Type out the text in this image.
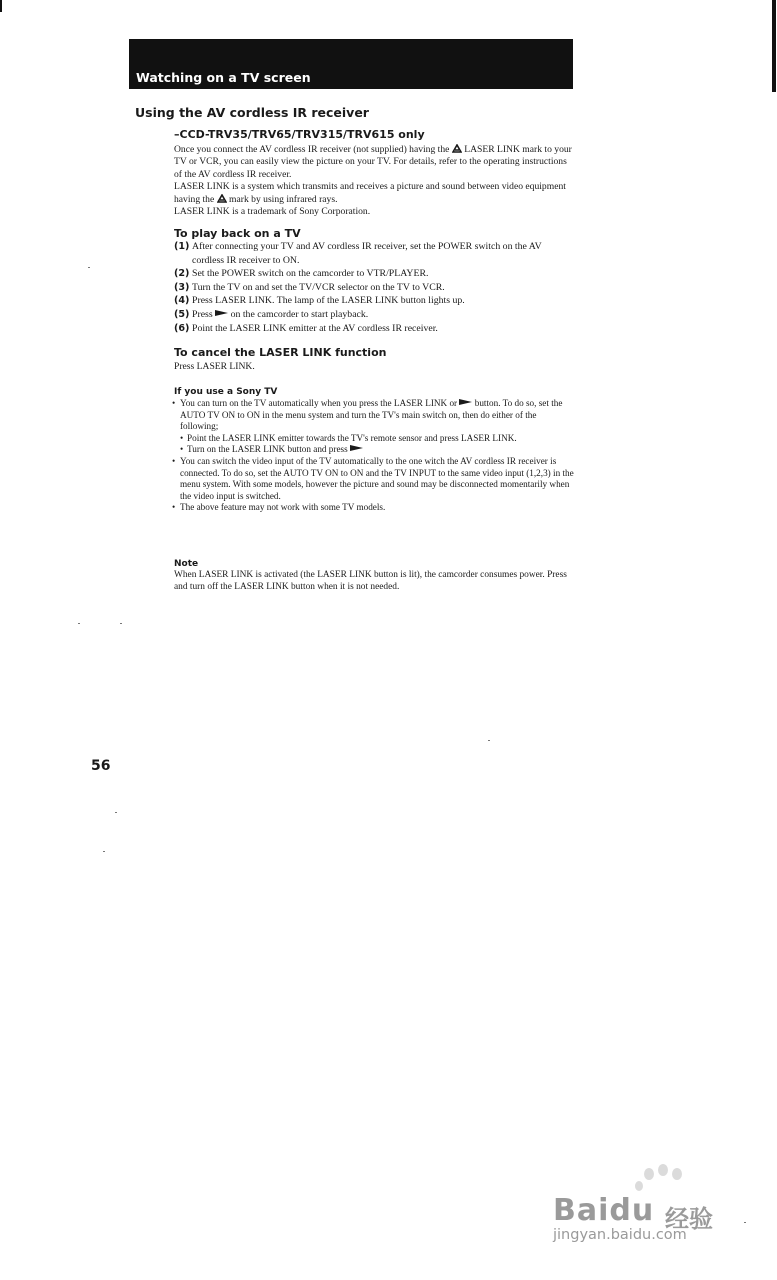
Watching on a TV screen
Using the AV cordless IR receiver
–CCD-TRV35/TRV65/TRV315/TRV615 only

Once you connect the AV cordless IR receiver (not supplied) having the LASER LINK mark to your TV or VCR, you can easily view the picture on your TV. For details, refer to the operating instructions of the AV cordless IR receiver.

LASER LINK is a system which transmits and receives a picture and sound between video equipment having the mark by using infrared rays.

LASER LINK is a trademark of Sony Corporation.

To play back on a TV
(1) After connecting your TV and AV cordless IR receiver, set the POWER switch on the AV cordless IR receiver to ON.
(2) Set the POWER switch on the camcorder to VTR/PLAYER.
(3) Turn the TV on and set the TV/VCR selector on the TV to VCR.
(4) Press LASER LINK. The lamp of the LASER LINK button lights up.
(5) Press on the camcorder to start playback.
(6) Point the LASER LINK emitter at the AV cordless IR receiver.
To cancel the LASER LINK function
Press LASER LINK.
If you use a Sony TV
• You can turn on the TV automatically when you press the LASER LINK or button. To do so, set the AUTO TV ON to ON in the menu system and turn the TV's main switch on, then do either of the following;
• Point the LASER LINK emitter towards the TV's remote sensor and press LASER LINK.
• Turn on the LASER LINK button and press
• You can switch the video input of the TV automatically to the one witch the AV cordless IR receiver is connected. To do so, set the AUTO TV ON to ON and the TV INPUT to the same video input (1,2,3) in the menu system. With some models, however the picture and sound may be disconnected momentarily when the video input is switched.
• The above feature may not work with some TV models.
Note
When LASER LINK is activated (the LASER LINK button is lit), the camcorder consumes power. Press and turn off the LASER LINK button when it is not needed.
56
Baidu 经验
jingyan.baidu.com
